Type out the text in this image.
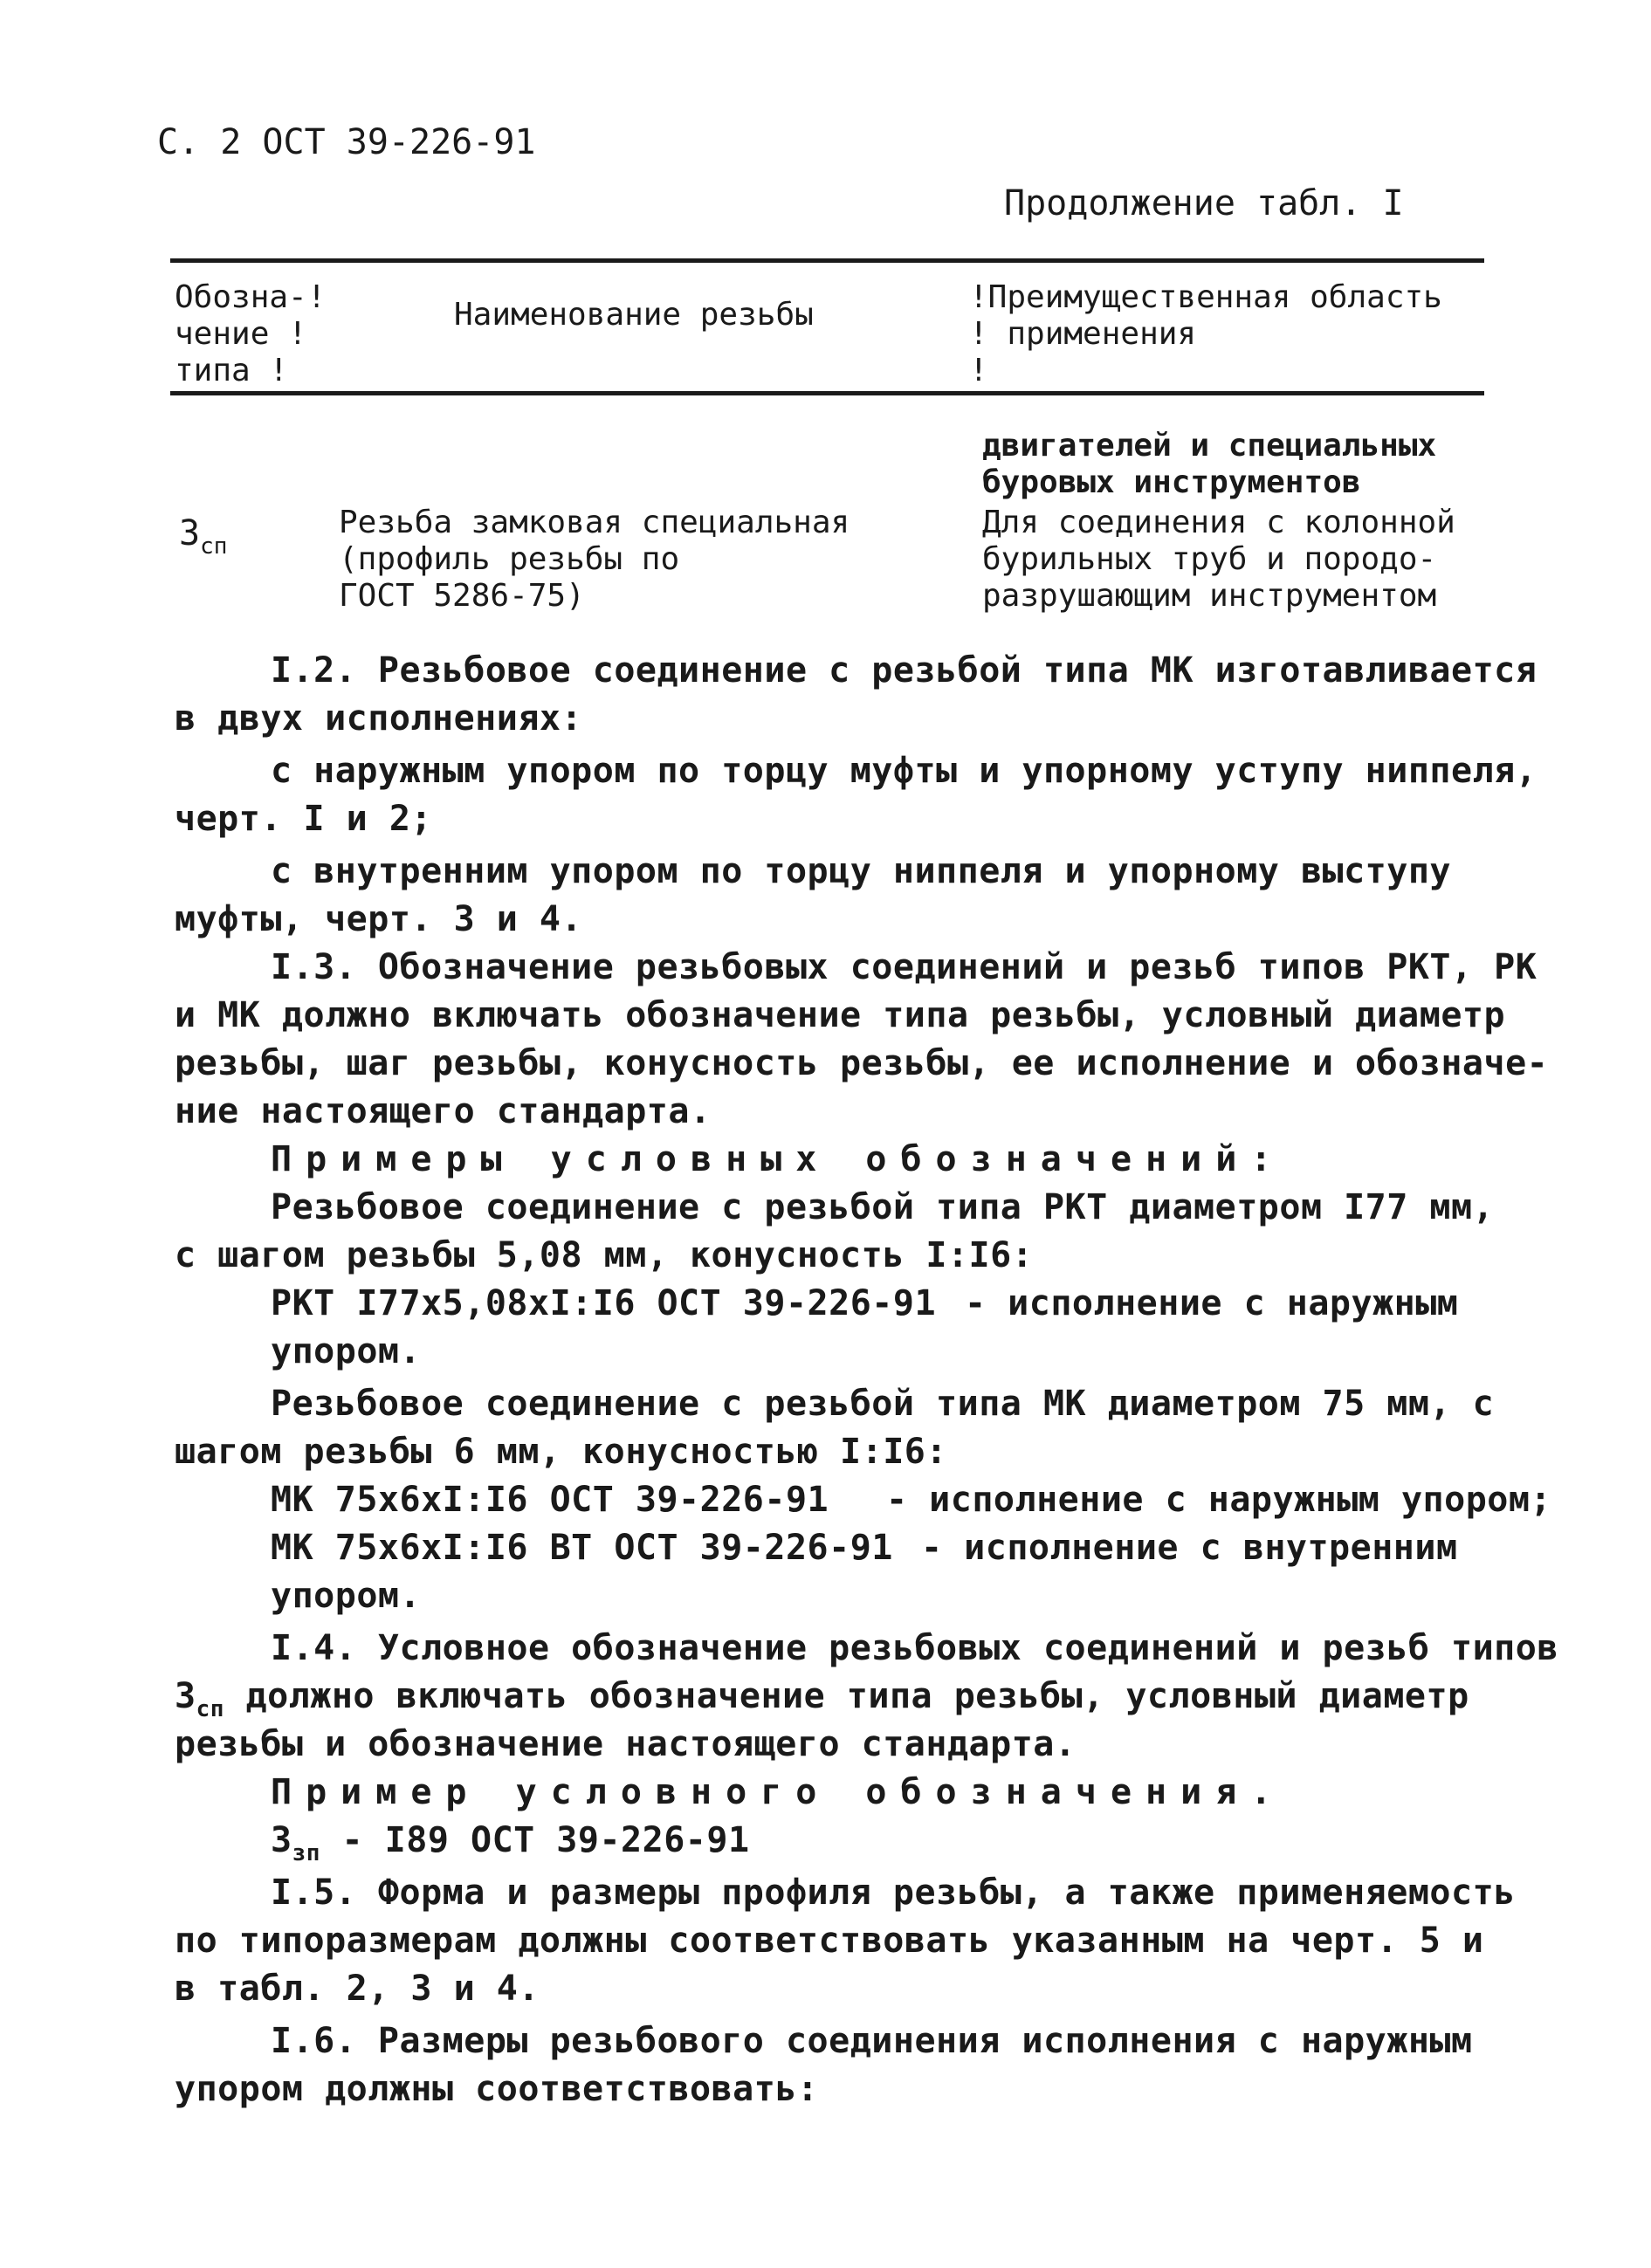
С. 2 ОСТ 39-226-91
Продолжение табл. I
Обозна-!
чение !
типа !
Наименование резьбы	!Преимущественная область
! применения
!
двигателей и специальных
буровых инструментов
$З_{сп}$
Резьба замковая специальная
(профиль резьбы по
ГОСТ 5286-75)
Для соединения с колонной
бурильных труб и породо-
разрушающим инструментом
I.2. Резьбовое соединение с резьбой типа МК изготавливается
в двух исполнениях:
с наружным упором по торцу муфты и упорному уступу ниппеля,
черт. I и 2;
с внутренним упором по торцу ниппеля и упорному выступу
муфты, черт. 3 и 4.
I.3. Обозначение резьбовых соединений и резьб типов РКТ, РК
и МК должно включать обозначение типа резьбы, условный диаметр
резьбы, шаг резьбы, конусность резьбы, ее исполнение и обозначе-
ние настоящего стандарта.
Примеры условных обозначений:
Резьбовое соединение с резьбой типа РКТ диаметром I77 мм,
с шагом резьбы 5,08 мм, конусность I:I6:
РКТ I77х5,08хI:I6 ОСТ 39-226-91 - исполнение с наружным
упором.
Резьбовое соединение с резьбой типа МК диаметром 75 мм, с
шагом резьбы 6 мм, конусностью I:I6:
МК 75х6хI:I6 ОСТ 39-226-91 - исполнение с наружным упором;
МК 75х6хI:I6 ВТ ОСТ 39-226-91 - исполнение с внутренним
упором.
I.4. Условное обозначение резьбовых соединений и резьб типов
$З_{сп}$ должно включать обозначение типа резьбы, условный диаметр
резьбы и обозначение настоящего стандарта.
Пример условного обозначения.
$З_{зп} - I89$ ОСТ 39-226-91
I.5. Форма и размеры профиля резьбы, а также применяемость
по типоразмерам должны соответствовать указанным на черт. 5 и
в табл. 2, 3 и 4.
I.6. Размеры резьбового соединения исполнения с наружным
упором должны соответствовать:
